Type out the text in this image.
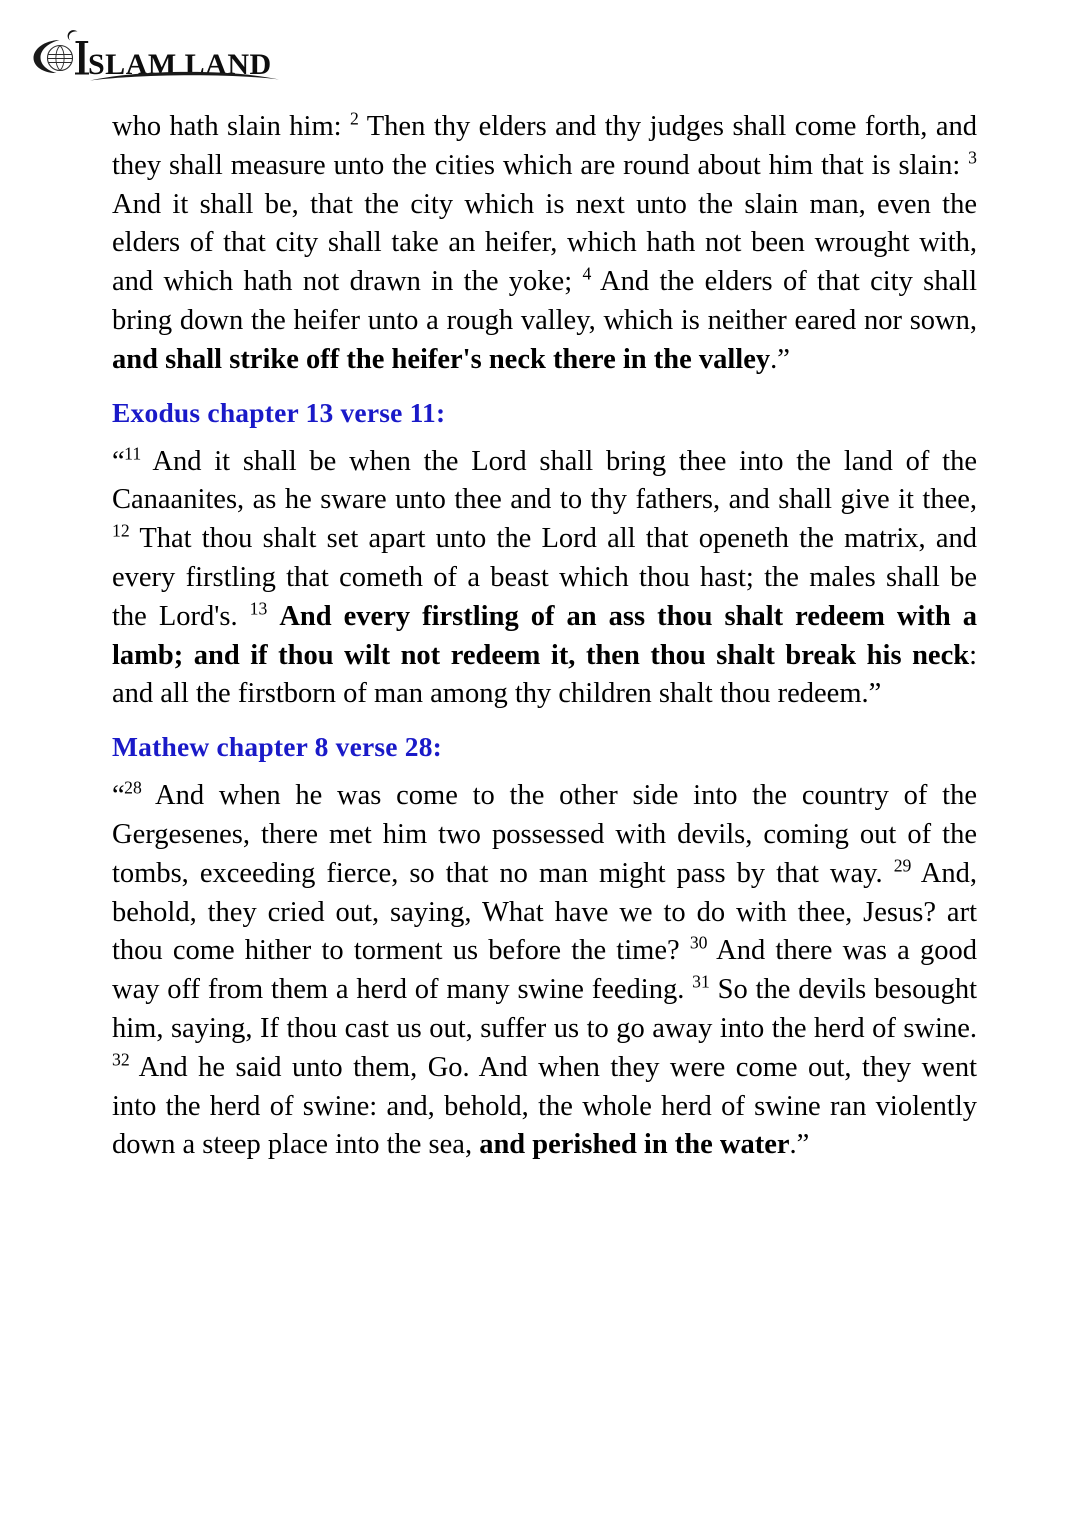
SLAM LAND

who hath slain him: $^2$ Then thy elders and thy judges shall come forth, and they shall measure unto the cities which are round about him that is slain: $^3$ And it shall be, that the city which is next unto the slain man, even the elders of that city shall take an heifer, which hath not been wrought with, and which hath not drawn in the yoke; $^4$ And the elders of that city shall bring down the heifer unto a rough valley, which is neither eared nor sown, and shall strike off the heifer's neck there in the valley.”

Exodus chapter 13 verse 11:

“$^{11}$ And it shall be when the Lord shall bring thee into the land of the Canaanites, as he sware unto thee and to thy fathers, and shall give it thee, $^{12}$ That thou shalt set apart unto the Lord all that openeth the matrix, and every firstling that cometh of a beast which thou hast; the males shall be the Lord's. $^{13}$ And every firstling of an ass thou shalt redeem with a lamb; and if thou wilt not redeem it, then thou shalt break his neck: and all the firstborn of man among thy children shalt thou redeem.”

Mathew chapter 8 verse 28:

“$^{28}$ And when he was come to the other side into the country of the Gergesenes, there met him two possessed with devils, coming out of the tombs, exceeding fierce, so that no man might pass by that way. $^{29}$ And, behold, they cried out, saying, What have we to do with thee, Jesus? art thou come hither to torment us before the time? $^{30}$ And there was a good way off from them a herd of many swine feeding. $^{31}$ So the devils besought him, saying, If thou cast us out, suffer us to go away into the herd of swine. $^{32}$ And he said unto them, Go. And when they were come out, they went into the herd of swine: and, behold, the whole herd of swine ran violently down a steep place into the sea, and perished in the water.”
